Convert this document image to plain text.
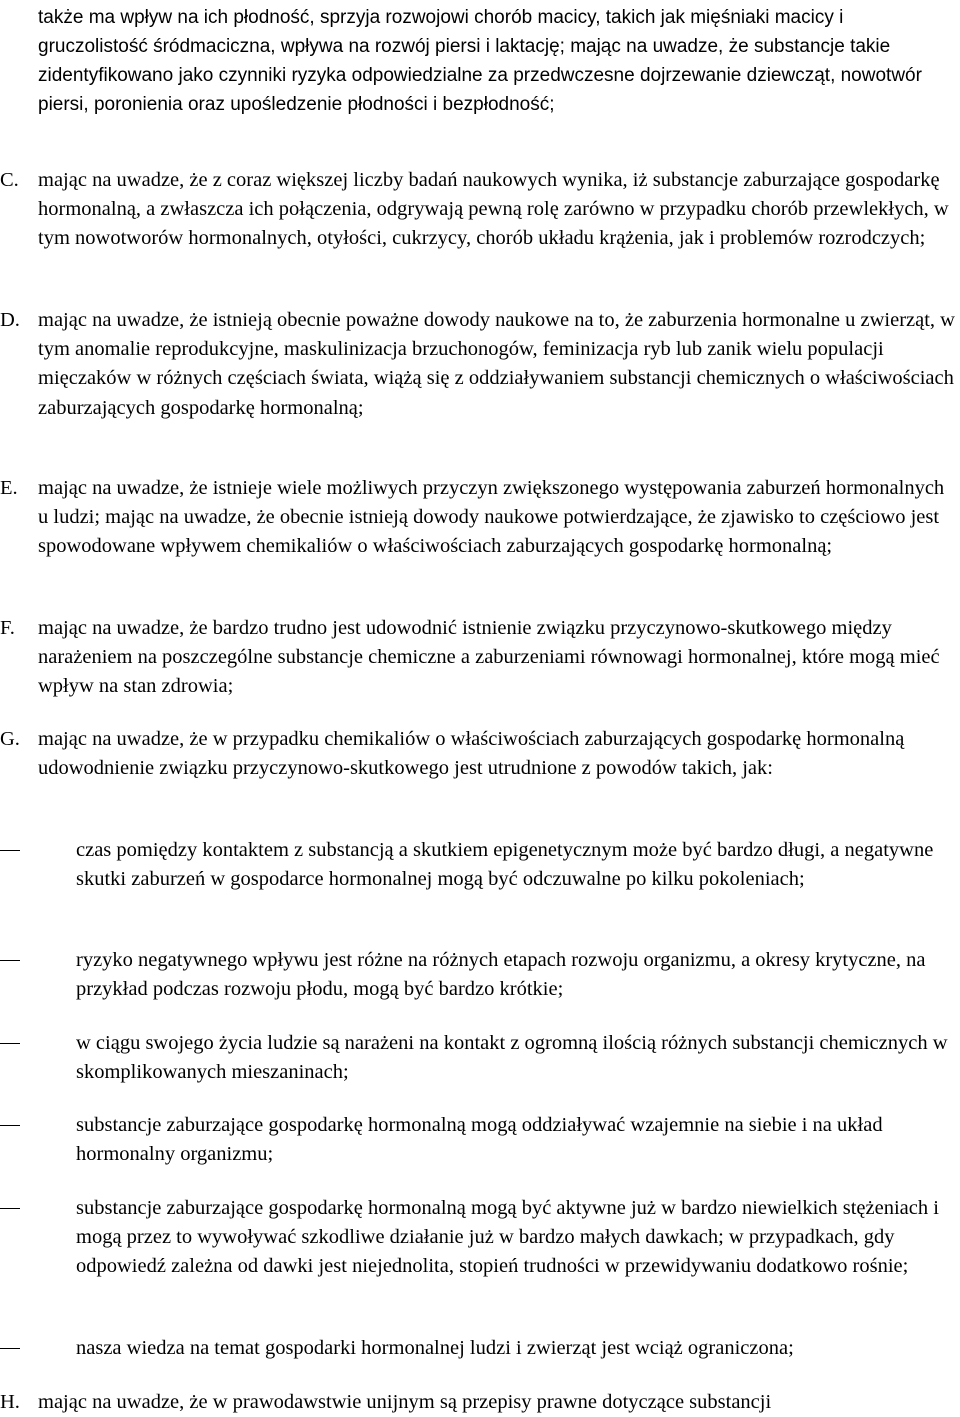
także ma wpływ na ich płodność, sprzyja rozwojowi chorób macicy, takich jak mięśniaki macicy i gruczolistość śródmaciczna, wpływa na rozwój piersi i laktację; mając na uwadze, że substancje takie zidentyfikowano jako czynniki ryzyka odpowiedzialne za przedwczesne dojrzewanie dziewcząt, nowotwór piersi, poronienia oraz upośledzenie płodności i bezpłodność;

C. mając na uwadze, że z coraz większej liczby badań naukowych wynika, iż substancje zaburzające gospodarkę hormonalną, a zwłaszcza ich połączenia, odgrywają pewną rolę zarówno w przypadku chorób przewlekłych, w tym nowotworów hormonalnych, otyłości, cukrzycy, chorób układu krążenia, jak i problemów rozrodczych;
D. mając na uwadze, że istnieją obecnie poważne dowody naukowe na to, że zaburzenia hormonalne u zwierząt, w tym anomalie reprodukcyjne, maskulinizacja brzuchonogów, feminizacja ryb lub zanik wielu populacji mięczaków w różnych częściach świata, wiążą się z oddziaływaniem substancji chemicznych o właściwościach zaburzających gospodarkę hormonalną;
E. mając na uwadze, że istnieje wiele możliwych przyczyn zwiększonego występowania zaburzeń hormonalnych u ludzi; mając na uwadze, że obecnie istnieją dowody naukowe potwierdzające, że zjawisko to częściowo jest spowodowane wpływem chemikaliów o właściwościach zaburzających gospodarkę hormonalną;
F. mając na uwadze, że bardzo trudno jest udowodnić istnienie związku przyczynowo-skutkowego między narażeniem na poszczególne substancje chemiczne a zaburzeniami równowagi hormonalnej, które mogą mieć wpływ na stan zdrowia;
G. mając na uwadze, że w przypadku chemikaliów o właściwościach zaburzających gospodarkę hormonalną udowodnienie związku przyczynowo-skutkowego jest utrudnione z powodów takich, jak:
czas pomiędzy kontaktem z substancją a skutkiem epigenetycznym może być bardzo długi, a negatywne skutki zaburzeń w gospodarce hormonalnej mogą być odczuwalne po kilku pokoleniach;
ryzyko negatywnego wpływu jest różne na różnych etapach rozwoju organizmu, a okresy krytyczne, na przykład podczas rozwoju płodu, mogą być bardzo krótkie;
w ciągu swojego życia ludzie są narażeni na kontakt z ogromną ilością różnych substancji chemicznych w skomplikowanych mieszaninach;
substancje zaburzające gospodarkę hormonalną mogą oddziaływać wzajemnie na siebie i na układ hormonalny organizmu;
substancje zaburzające gospodarkę hormonalną mogą być aktywne już w bardzo niewielkich stężeniach i mogą przez to wywoływać szkodliwe działanie już w bardzo małych dawkach; w przypadkach, gdy odpowiedź zależna od dawki jest niejednolita, stopień trudności w przewidywaniu dodatkowo rośnie;
nasza wiedza na temat gospodarki hormonalnej ludzi i zwierząt jest wciąż ograniczona;
H. mając na uwadze, że w prawodawstwie unijnym są przepisy prawne dotyczące substancji
